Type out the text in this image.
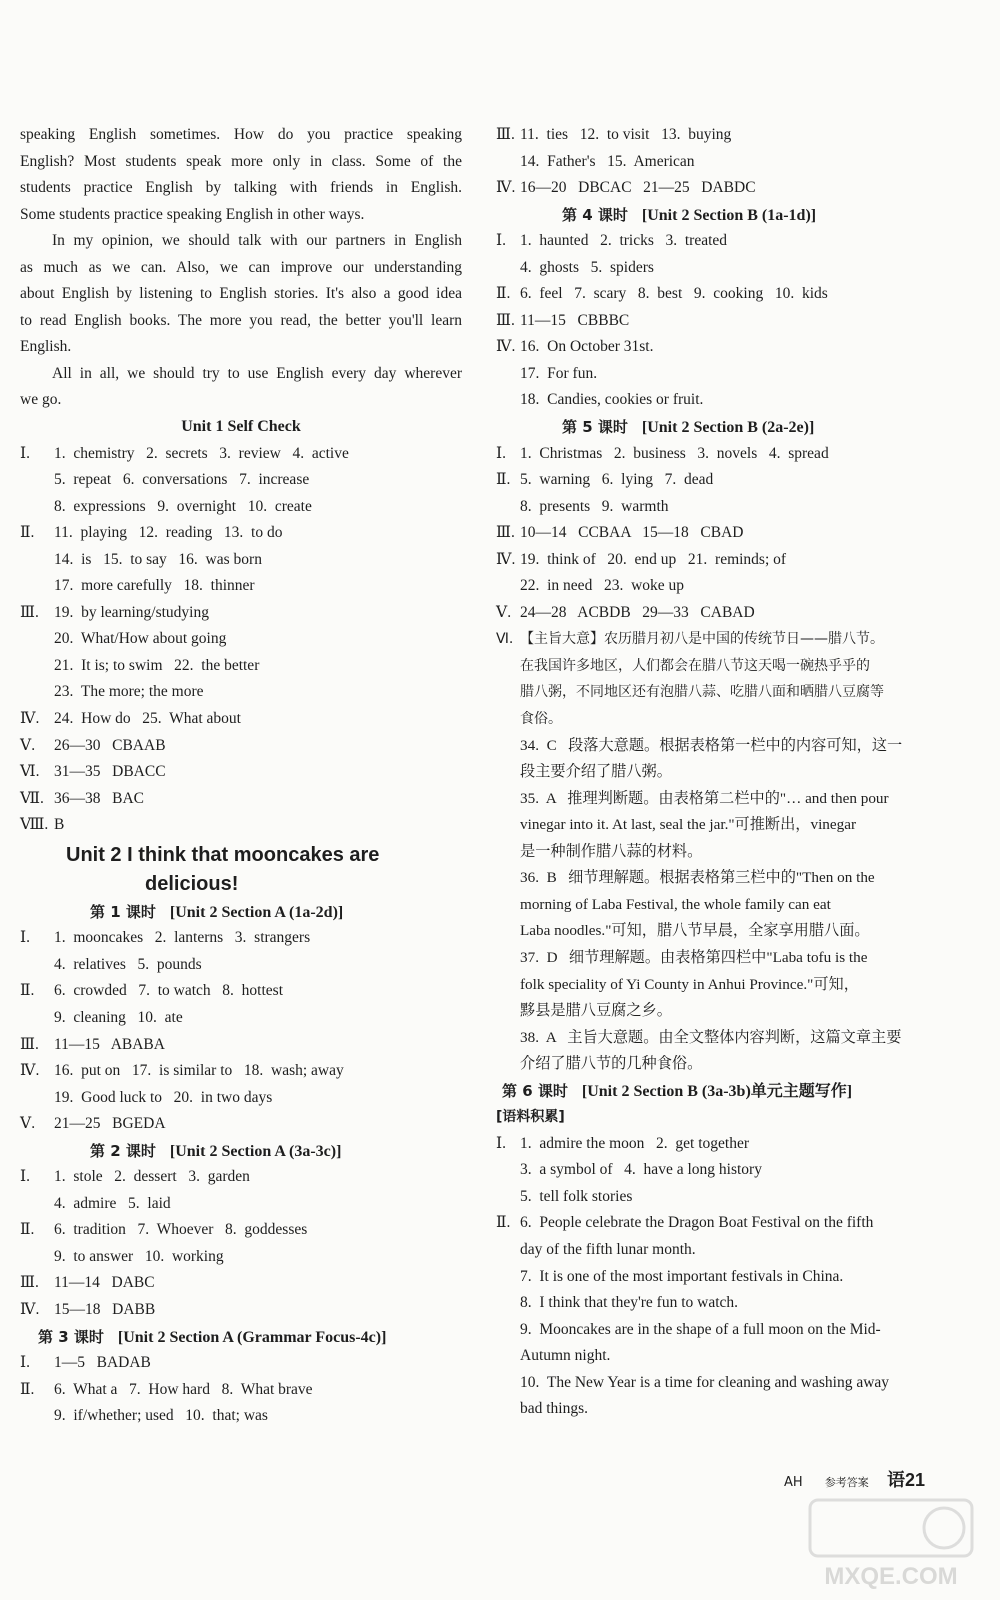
speaking English sometimes. How do you practice speaking
English? Most students speak more only in class. Some of the
students practice English by talking with friends in English.
Some students practice speaking English in other ways.
In my opinion, we should talk with our partners in English
as much as we can. Also, we can improve our understanding
about English by listening to English stories. It's also a good idea
to read English books. The more you read, the better you'll learn
English.
All in all, we should try to use English every day wherever
we go.
Unit 1 Self Check
Ⅰ.	1.  chemistry   2.  secrets   3.  review   4.  active
5.  repeat   6.  conversations   7.  increase
8.  expressions   9.  overnight   10.  create
Ⅱ.	11.  playing   12.  reading   13.  to do
14.  is   15.  to say   16.  was born
17.  more carefully   18.  thinner
Ⅲ. 19.  by learning/studying
20.  What/How about going
21.  It is; to swim   22.  the better
23.  The more; the more
Ⅳ. 24.  How do   25.  What about
Ⅴ.	26—30   CBAAB
Ⅵ. 31—35   DBACC
Ⅶ. 36—38   BAC
Ⅷ. B
Unit 2 I think that mooncakes are
delicious!
第 1 课时 [Unit 2 Section A (1a-2d)]
Ⅰ.	1.  mooncakes   2.  lanterns   3.  strangers
4.  relatives   5.  pounds
Ⅱ.	6.  crowded   7.  to watch   8.  hottest
9.  cleaning   10.  ate
Ⅲ. 11—15   ABABA
Ⅳ. 16.  put on   17.  is similar to   18.  wash; away
19.  Good luck to   20.  in two days
Ⅴ.	21—25   BGEDA
第 2 课时 [Unit 2 Section A (3a-3c)]
Ⅰ.	1.  stole   2.  dessert   3.  garden
4.  admire   5.  laid
Ⅱ.	6.  tradition   7.  Whoever   8.  goddesses
9.  to answer   10.  working
Ⅲ. 11—14   DABC
Ⅳ. 15—18   DABB
第 3 课时 [Unit 2 Section A (Grammar Focus-4c)]
Ⅰ.	1—5   BADAB
Ⅱ.	6.  What a   7.  How hard   8.  What brave
9.  if/whether; used   10.  that; was
Ⅲ. 11.  ties   12.  to visit   13.  buying
14.  Father's   15.  American
Ⅳ. 16—20   DBCAC   21—25   DABDC
第 4 课时 [Unit 2 Section B (1a-1d)]
Ⅰ. 1.  haunted   2.  tricks   3.  treated
4.  ghosts   5.  spiders
Ⅱ. 6.  feel   7.  scary   8.  best   9.  cooking   10.  kids
Ⅲ. 11—15   CBBBC
Ⅳ. 16.  On October 31st.
17.  For fun.
18.  Candies, cookies or fruit.
第 5 课时 [Unit 2 Section B (2a-2e)]
Ⅰ. 1.  Christmas   2.  business   3.  novels   4.  spread
Ⅱ. 5.  warning   6.  lying   7.  dead
8.  presents   9.  warmth
Ⅲ. 10—14   CCBAA   15—18   CBAD
Ⅳ. 19.  think of   20.  end up   21.  reminds; of
22.  in need   23.  woke up
Ⅴ. 24—28   ACBDB   29—33   CABAD
Ⅵ. 【主旨大意】农历腊月初八是中国的传统节日——腊八节。
在我国许多地区，人们都会在腊八节这天喝一碗热乎乎的
腊八粥，不同地区还有泡腊八蒜、吃腊八面和晒腊八豆腐等
食俗。
34.  C   段落大意题。根据表格第一栏中的内容可知，这一
段主要介绍了腊八粥。
35.  A   推理判断题。由表格第二栏中的"… and then pour
vinegar into it. At last, seal the jar."可推断出，vinegar
是一种制作腊八蒜的材料。
36.  B   细节理解题。根据表格第三栏中的"Then on the
morning of Laba Festival, the whole family can eat
Laba noodles."可知，腊八节早晨，全家享用腊八面。
37.  D   细节理解题。由表格第四栏中"Laba tofu is the
folk speciality of Yi County in Anhui Province."可知，
黟县是腊八豆腐之乡。
38.  A   主旨大意题。由全文整体内容判断，这篇文章主要
介绍了腊八节的几种食俗。
第 6 课时 [Unit 2 Section B (3a-3b)单元主题写作]
[语料积累]
Ⅰ. 1.  admire the moon   2.  get together
3.  a symbol of   4.  have a long history
5.  tell folk stories
Ⅱ. 6.  People celebrate the Dragon Boat Festival on the fifth
day of the fifth lunar month.
7.  It is one of the most important festivals in China.
8.  I think that they're fun to watch.
9.  Mooncakes are in the shape of a full moon on the Mid-
Autumn night.
10.  The New Year is a time for cleaning and washing away
bad things.
AH 参考答案 语21
MXQE.COM
